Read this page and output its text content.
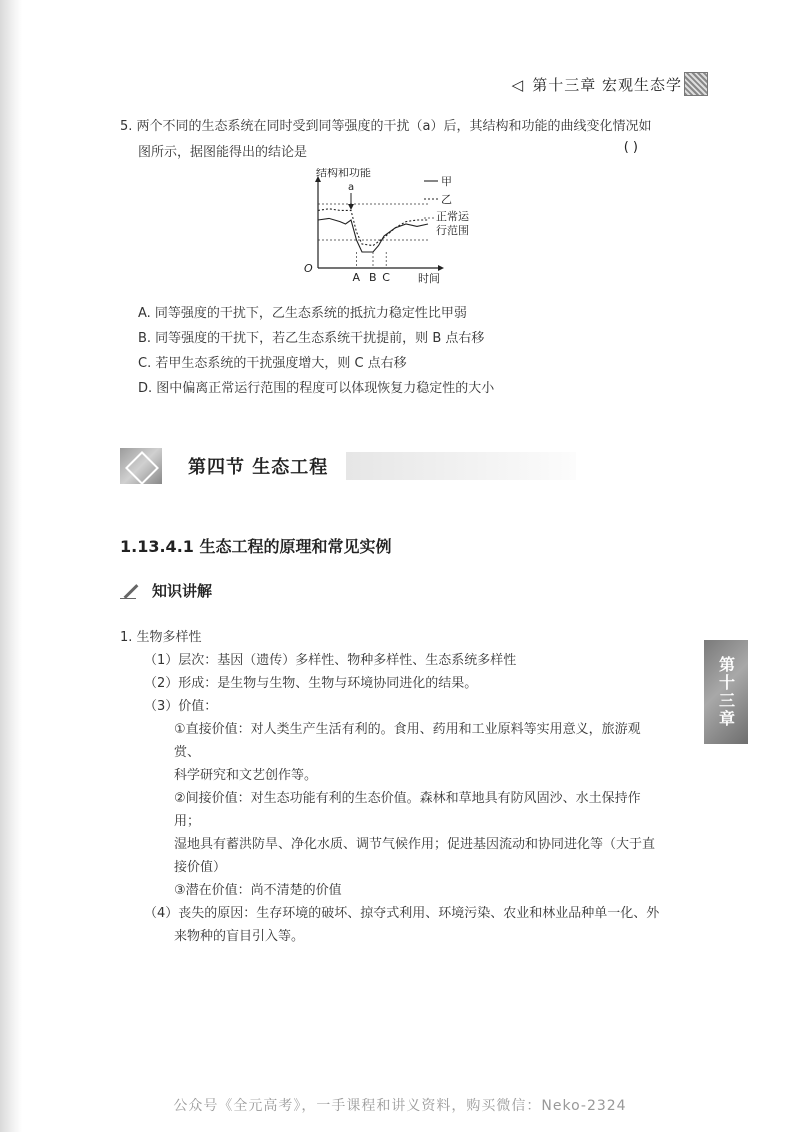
◁ 第十三章 宏观生态学
5. 两个不同的生态系统在同时受到同等强度的干扰（a）后，其结构和功能的曲线变化情况如
图所示，据图能得出的结论是	( )
结构和功能
时间
O
a
A B C
甲
乙
正常运
行范围
A. 同等强度的干扰下，乙生态系统的抵抗力稳定性比甲弱
B. 同等强度的干扰下，若乙生态系统干扰提前，则 B 点右移
C. 若甲生态系统的干扰强度增大，则 C 点右移
D. 图中偏离正常运行范围的程度可以体现恢复力稳定性的大小
第四节 生态工程
1.13.4.1 生态工程的原理和常见实例
知识讲解
1. 生物多样性
（1）层次：基因（遗传）多样性、物种多样性、生态系统多样性
（2）形成：是生物与生物、生物与环境协同进化的结果。
（3）价值：
①直接价值：对人类生产生活有利的。食用、药用和工业原料等实用意义，旅游观赏、
科学研究和文艺创作等。
②间接价值：对生态功能有利的生态价值。森林和草地具有防风固沙、水土保持作用；
湿地具有蓄洪防旱、净化水质、调节气候作用；促进基因流动和协同进化等（大于直
接价值）
③潜在价值：尚不清楚的价值
（4）丧失的原因：生存环境的破坏、掠夺式利用、环境污染、农业和林业品种单一化、外
来物种的盲目引入等。
第十三章
公众号《全元高考》，一手课程和讲义资料，购买微信：Neko-2324
